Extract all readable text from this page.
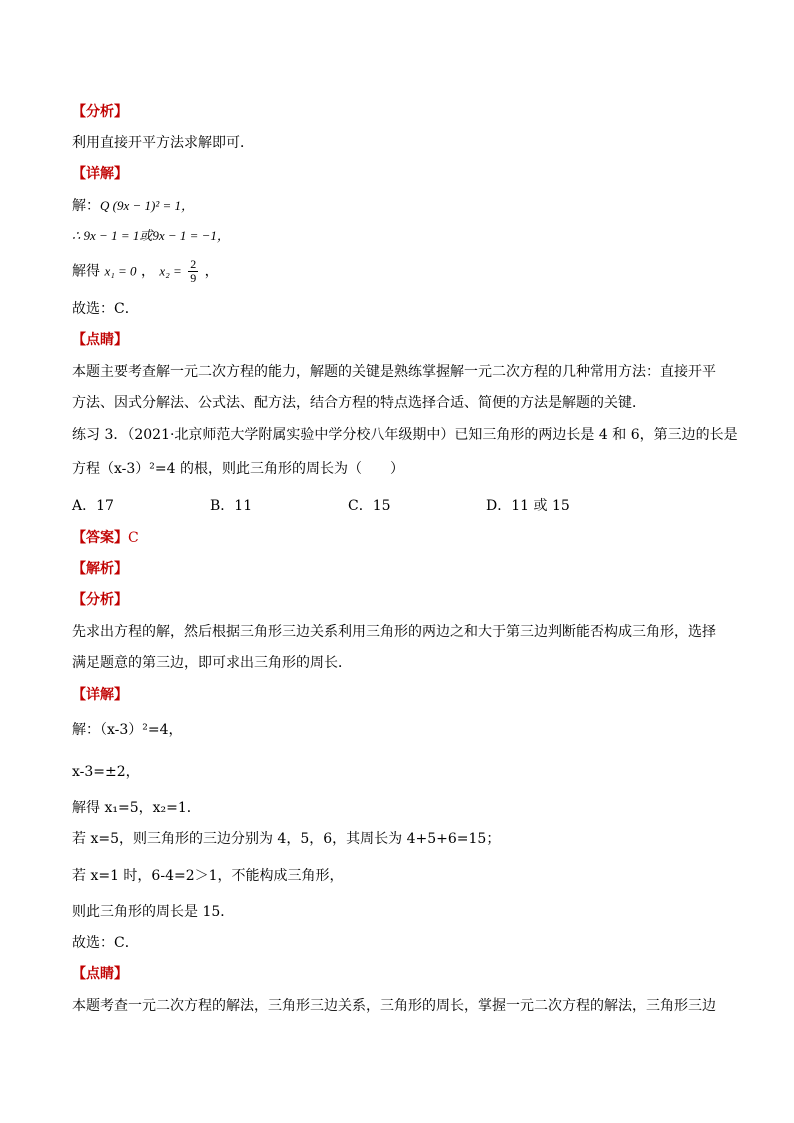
【分析】
利用直接开平方法求解即可．
【详解】
解：Q (9x − 1)² = 1，
∴ 9x − 1 = 1或9x − 1 = −1，
解得 x₁ = 0 ， $x_2 = \frac{2}{9}$ ，
故选：C．
【点睛】
本题主要考查解一元二次方程的能力，解题的关键是熟练掌握解一元二次方程的几种常用方法：直接开平
方法、因式分解法、公式法、配方法，结合方程的特点选择合适、简便的方法是解题的关键．
练习 3．（2021·北京师范大学附属实验中学分校八年级期中）已知三角形的两边长是 4 和 6，第三边的长是
方程（x-3）²=4 的根，则此三角形的周长为（　　）
A．17	B．11	C．15	D．11 或 15
【答案】C
【解析】
【分析】
先求出方程的解，然后根据三角形三边关系利用三角形的两边之和大于第三边判断能否构成三角形，选择
满足题意的第三边，即可求出三角形的周长．
【详解】
解：（x-3）²=4，
x-3=±2，
解得 x₁=5，x₂=1．
若 x=5，则三角形的三边分别为 4，5，6，其周长为 4+5+6=15；
若 x=1 时，6-4=2＞1，不能构成三角形，
则此三角形的周长是 15．
故选：C．
【点睛】
本题考查一元二次方程的解法，三角形三边关系，三角形的周长，掌握一元二次方程的解法，三角形三边
